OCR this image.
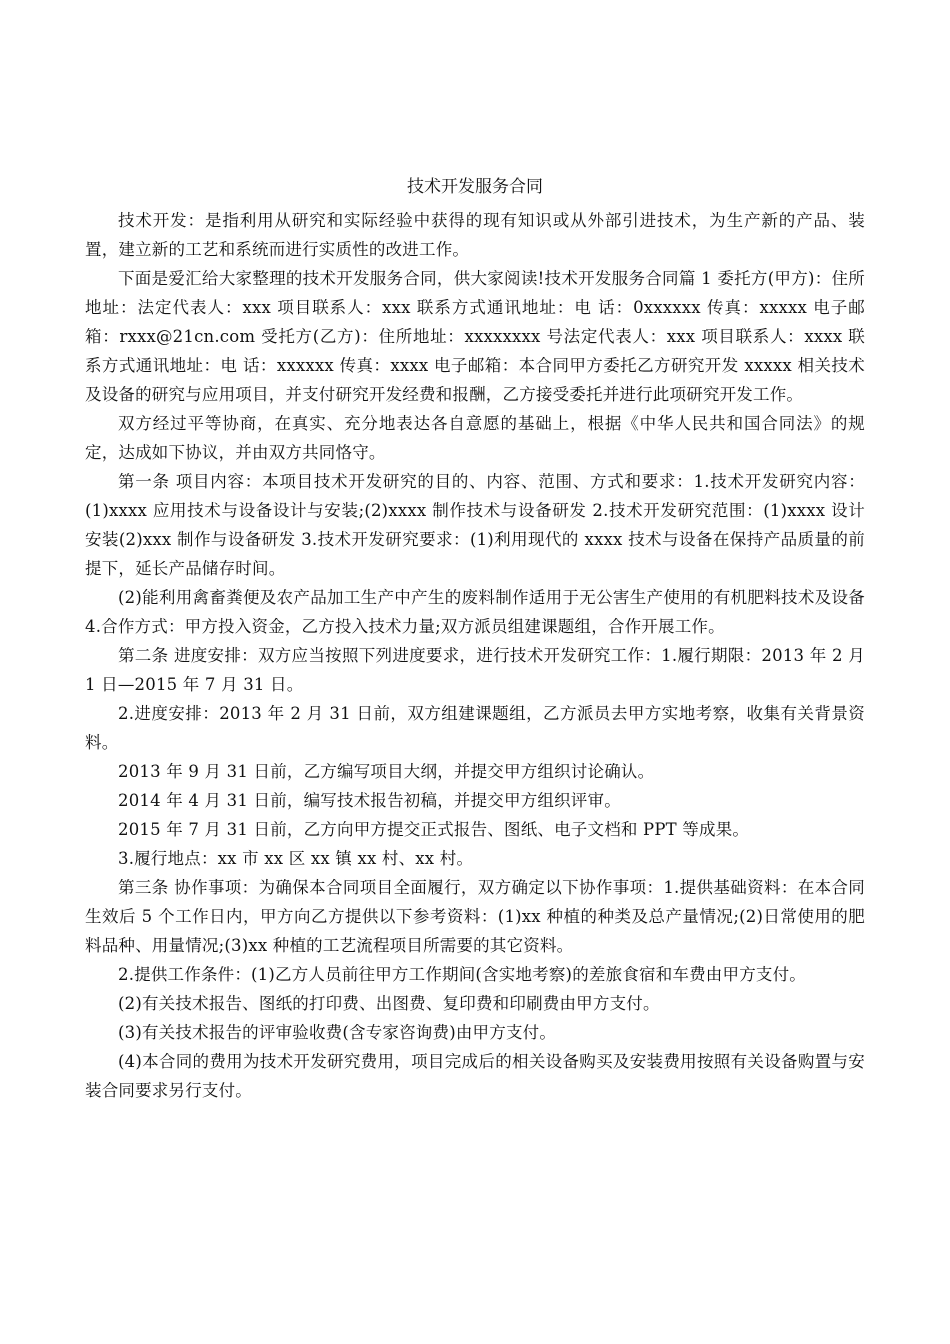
技术开发服务合同

技术开发：是指利用从研究和实际经验中获得的现有知识或从外部引进技术，为生产新的产品、装置，建立新的工艺和系统而进行实质性的改进工作。

下面是爱汇给大家整理的技术开发服务合同，供大家阅读!技术开发服务合同篇 1 委托方(甲方)：住所地址：法定代表人：xxx 项目联系人：xxx 联系方式通讯地址：电 话：0xxxxxx 传真：xxxxx 电子邮箱：rxxx@21cn.com 受托方(乙方)：住所地址：xxxxxxxx 号法定代表人：xxx 项目联系人：xxxx 联系方式通讯地址：电 话：xxxxxx 传真：xxxx 电子邮箱：本合同甲方委托乙方研究开发 xxxxx 相关技术及设备的研究与应用项目，并支付研究开发经费和报酬，乙方接受委托并进行此项研究开发工作。

双方经过平等协商，在真实、充分地表达各自意愿的基础上，根据《中华人民共和国合同法》的规定，达成如下协议，并由双方共同恪守。

第一条 项目内容：本项目技术开发研究的目的、内容、范围、方式和要求：1.技术开发研究内容：(1)xxxx 应用技术与设备设计与安装;(2)xxxx 制作技术与设备研发 2.技术开发研究范围：(1)xxxx 设计安装(2)xxx 制作与设备研发 3.技术开发研究要求：(1)利用现代的 xxxx 技术与设备在保持产品质量的前提下，延长产品储存时间。

(2)能利用禽畜粪便及农产品加工生产中产生的废料制作适用于无公害生产使用的有机肥料技术及设备 4.合作方式：甲方投入资金，乙方投入技术力量;双方派员组建课题组，合作开展工作。

第二条 进度安排：双方应当按照下列进度要求，进行技术开发研究工作：1.履行期限：2013 年 2 月 1 日—2015 年 7 月 31 日。

2.进度安排：2013 年 2 月 31 日前，双方组建课题组，乙方派员去甲方实地考察，收集有关背景资料。

2013 年 9 月 31 日前，乙方编写项目大纲，并提交甲方组织讨论确认。

2014 年 4 月 31 日前，编写技术报告初稿，并提交甲方组织评审。

2015 年 7 月 31 日前，乙方向甲方提交正式报告、图纸、电子文档和 PPT 等成果。

3.履行地点：xx 市 xx 区 xx 镇 xx 村、xx 村。

第三条 协作事项：为确保本合同项目全面履行，双方确定以下协作事项：1.提供基础资料：在本合同生效后 5 个工作日内，甲方向乙方提供以下参考资料：(1)xx 种植的种类及总产量情况;(2)日常使用的肥料品种、用量情况;(3)xx 种植的工艺流程项目所需要的其它资料。

2.提供工作条件：(1)乙方人员前往甲方工作期间(含实地考察)的差旅食宿和车费由甲方支付。

(2)有关技术报告、图纸的打印费、出图费、复印费和印刷费由甲方支付。

(3)有关技术报告的评审验收费(含专家咨询费)由甲方支付。

(4)本合同的费用为技术开发研究费用，项目完成后的相关设备购买及安装费用按照有关设备购置与安装合同要求另行支付。
